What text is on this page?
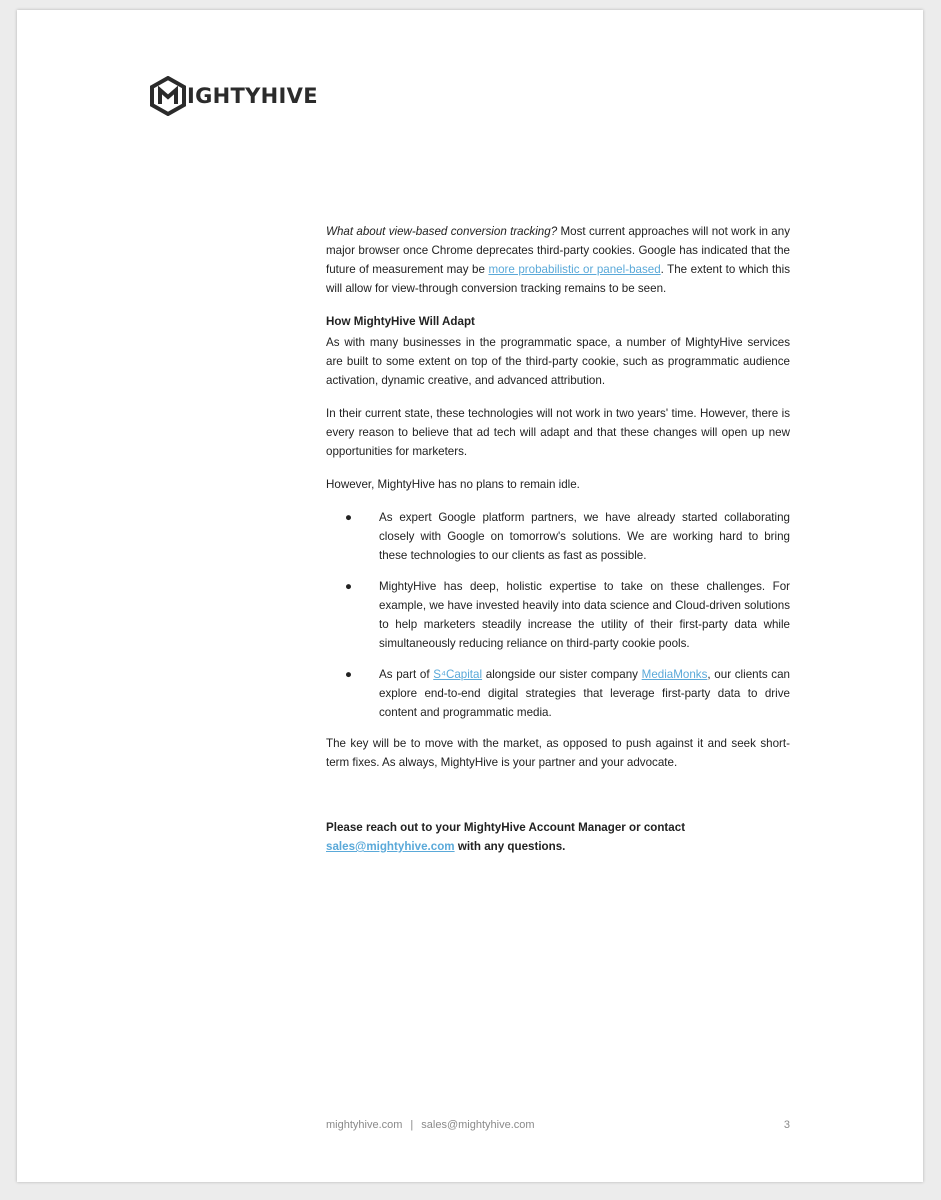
IGHTYHIVE

What about view-based conversion tracking? Most current approaches will not work in any major browser once Chrome deprecates third-party cookies. Google has indicated that the future of measurement may be more probabilistic or panel-based. The extent to which this will allow for view-through conversion tracking remains to be seen.

How MightyHive Will Adapt

As with many businesses in the programmatic space, a number of MightyHive services are built to some extent on top of the third-party cookie, such as programmatic audience activation, dynamic creative, and advanced attribution.

In their current state, these technologies will not work in two years' time. However, there is every reason to believe that ad tech will adapt and that these changes will open up new opportunities for marketers.

However, MightyHive has no plans to remain idle.

● As expert Google platform partners, we have already started collaborating closely with Google on tomorrow's solutions. We are working hard to bring these technologies to our clients as fast as possible.
● MightyHive has deep, holistic expertise to take on these challenges. For example, we have invested heavily into data science and Cloud-driven solutions to help marketers steadily increase the utility of their first-party data while simultaneously reducing reliance on third-party cookie pools.
● As part of S⁴Capital alongside our sister company MediaMonks, our clients can explore end-to-end digital strategies that leverage first-party data to drive content and programmatic media.

The key will be to move with the market, as opposed to push against it and seek short-term fixes. As always, MightyHive is your partner and your advocate.

Please reach out to your MightyHive Account Manager or contact
sales@mightyhive.com with any questions.
mightyhive.com | sales@mightyhive.com	3
